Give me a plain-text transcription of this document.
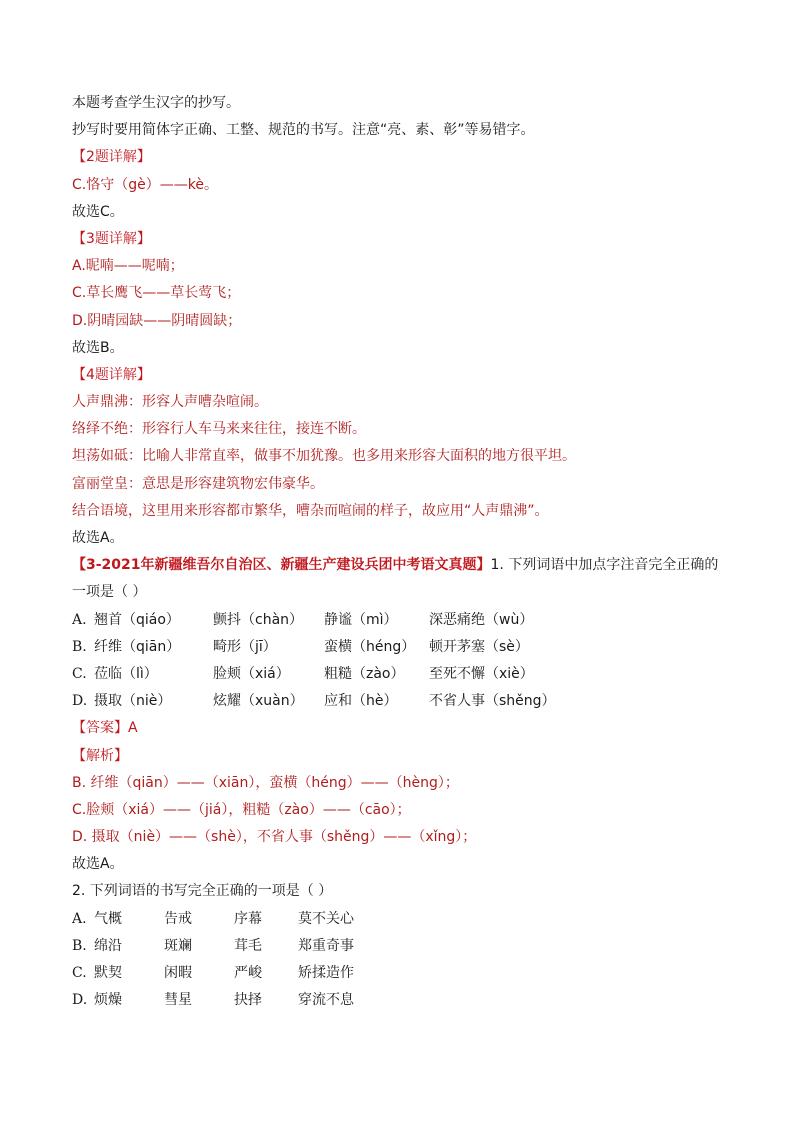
本题考查学生汉字的抄写。
抄写时要用简体字正确、工整、规范的书写。注意“亮、素、彰”等易错字。
【2题详解】
C.恪守（gè）——kè。
故选C。
【3题详解】
A.昵喃——呢喃；
C.草长鹰飞——草长莺飞；
D.阴晴园缺——阴晴圆缺；
故选B。
【4题详解】
人声鼎沸：形容人声嘈杂喧闹。
络绎不绝：形容行人车马来来往往，接连不断。
坦荡如砥：比喻人非常直率，做事不加犹豫。也多用来形容大面积的地方很平坦。
富丽堂皇：意思是形容建筑物宏伟豪华。
结合语境，这里用来形容都市繁华，嘈杂而喧闹的样子，故应用“人声鼎沸”。
故选A。
【3-2021年新疆维吾尔自治区、新疆生产建设兵团中考语文真题】1. 下列词语中加点字注音完全正确的
一项是（ ）
A. 翘首（qiáo）	颤抖（chàn）	静谧（mì）	深恶痛绝（wù）
B. 纤维（qiān）	畸形（jī）	蛮横（héng） 顿开茅塞（sè）
C. 莅临（lì）	脸颊（xiá）	粗糙（zào）	至死不懈（xiè）
D. 摄取（niè）	炫耀（xuàn）	应和（hè）	不省人事（shěng）
【答案】A
【解析】
B. 纤维（qiān）——（xiān），蛮横（héng）——（hèng）；
C.脸颊（xiá）——（jiá），粗糙（zào）——（cāo）；
D. 摄取（niè）——（shè），不省人事（shěng）——（xǐng）；
故选A。
2. 下列词语的书写完全正确的一项是（ ）
A. 气概	告戒	序幕	莫不关心
B. 绵沿	斑斓	茸毛	郑重奇事
C. 默契	闲暇	严峻	矫揉造作
D. 烦燥	彗星	抉择	穿流不息
